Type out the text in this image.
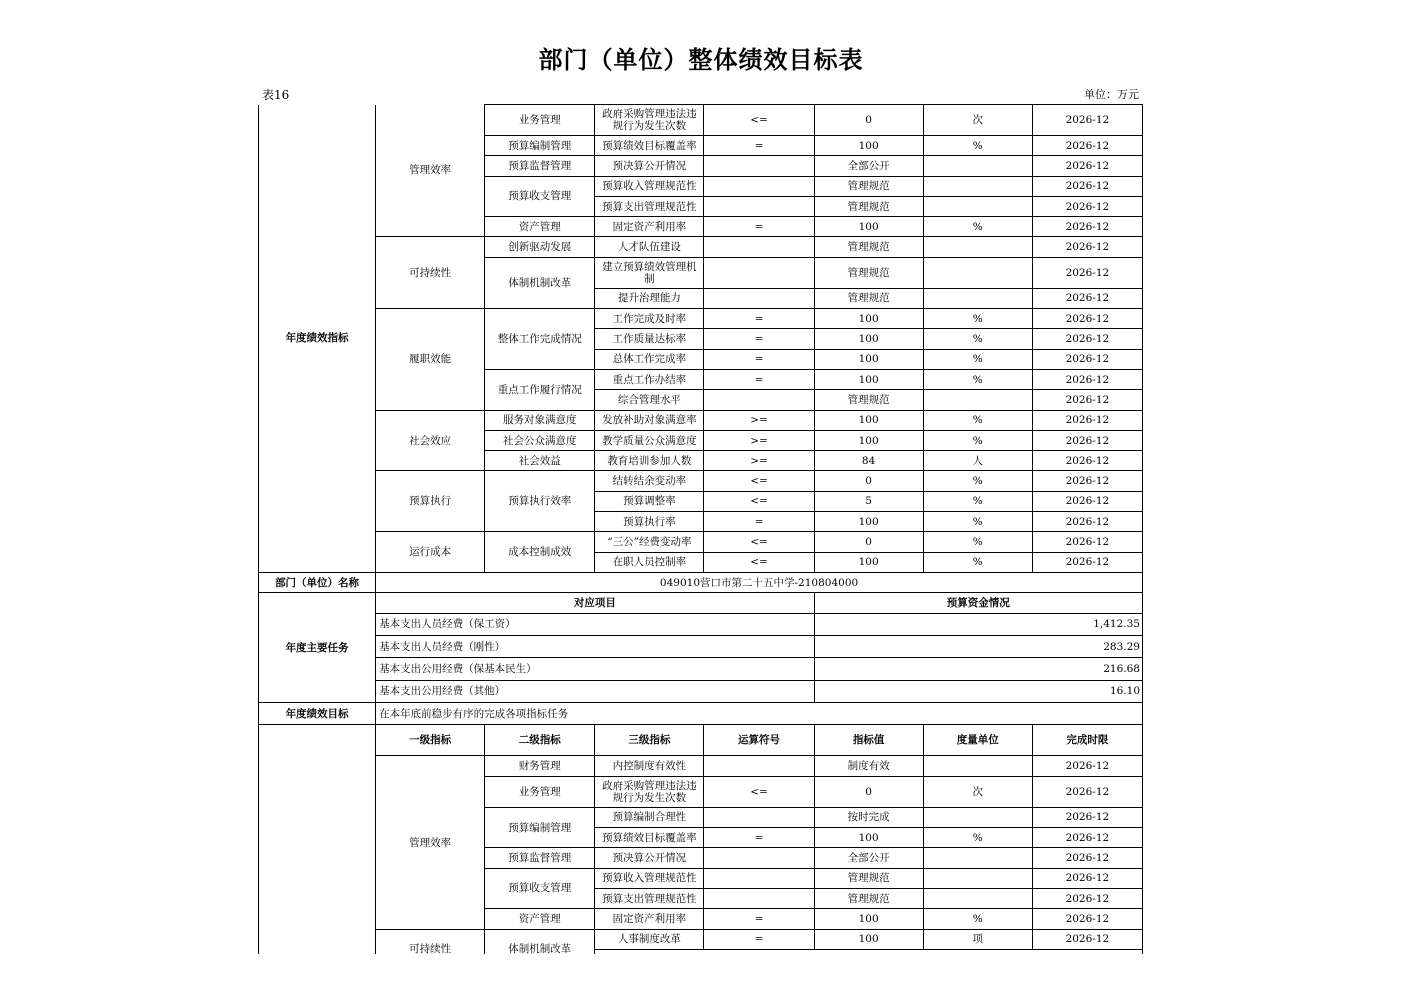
部门（单位）整体绩效目标表
表16	单位：万元
年度绩效指标	管理效率	业务管理	政府采购管理违法违规行为发生次数	<=	0	次	2026-12
		预算编制管理	预算绩效目标覆盖率	=	100	%	2026-12
		预算监督管理	预决算公开情况		全部公开		2026-12
		预算收支管理	预算收入管理规范性		管理规范		2026-12
			预算支出管理规范性		管理规范		2026-12
		资产管理	固定资产利用率	=	100	%	2026-12
	可持续性	创新驱动发展	人才队伍建设		管理规范		2026-12
		体制机制改革	建立预算绩效管理机制		管理规范		2026-12
			提升治理能力		管理规范		2026-12
	履职效能	整体工作完成情况	工作完成及时率	=	100	%	2026-12
			工作质量达标率	=	100	%	2026-12
			总体工作完成率	=	100	%	2026-12
		重点工作履行情况	重点工作办结率	=	100	%	2026-12
			综合管理水平		管理规范		2026-12
	社会效应	服务对象满意度	发放补助对象满意率	>=	100	%	2026-12
		社会公众满意度	教学质量公众满意度	>=	100	%	2026-12
		社会效益	教育培训参加人数	>=	84	人	2026-12
	预算执行	预算执行效率	结转结余变动率	<=	0	%	2026-12
			预算调整率	<=	5	%	2026-12
			预算执行率	=	100	%	2026-12
	运行成本	成本控制成效	“三公”经费变动率	<=	0	%	2026-12
			在职人员控制率	<=	100	%	2026-12
部门（单位）名称	049010营口市第二十五中学-210804000						
年度主要任务	对应项目				预算资金情况		
	基本支出人员经费（保工资）				1,412.35		
	基本支出人员经费（刚性）				283.29		
	基本支出公用经费（保基本民生）				216.68		
	基本支出公用经费（其他）				16.10		
年度绩效目标	在本年底前稳步有序的完成各项指标任务						
	一级指标	二级指标	三级指标	运算符号	指标值	度量单位	完成时限
	管理效率	财务管理	内控制度有效性		制度有效		2026-12
		业务管理	政府采购管理违法违规行为发生次数	<=	0	次	2026-12
		预算编制管理	预算编制合理性		按时完成		2026-12
			预算绩效目标覆盖率	=	100	%	2026-12
		预算监督管理	预决算公开情况		全部公开		2026-12
		预算收支管理	预算收入管理规范性		管理规范		2026-12
			预算支出管理规范性		管理规范		2026-12
		资产管理	固定资产利用率	=	100	%	2026-12
	可持续性	体制机制改革	人事制度改革	=	100	项	2026-12
